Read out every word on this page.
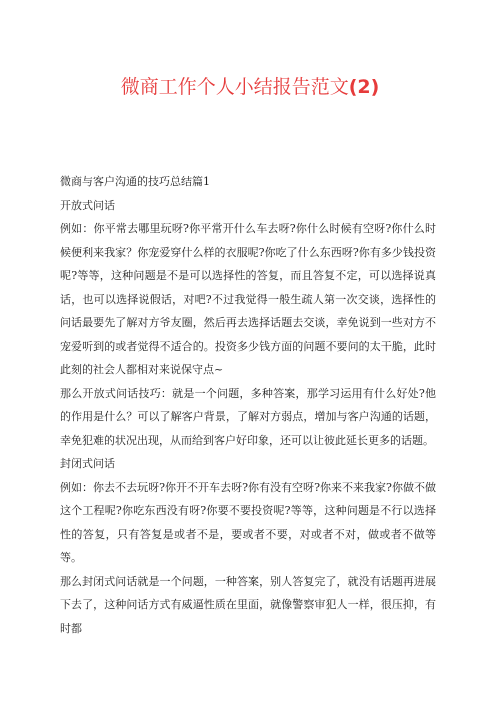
微商工作个人小结报告范文(2)

微商与客户沟通的技巧总结篇1

开放式问话

例如：你平常去哪里玩呀?你平常开什么车去呀?你什么时候有空呀?你什么时候便利来我家？你宠爱穿什么样的衣服呢?你吃了什么东西呀?你有多少钱投资呢?等等，这种问题是不是可以选择性的答复，而且答复不定，可以选择说真话，也可以选择说假话，对吧?不过我觉得一般生疏人第一次交谈，选择性的问话最要先了解对方爷友圈，然后再去选择话题去交谈，幸免说到一些对方不宠爱听到的或者觉得不适合的。投资多少钱方面的问题不要问的太干脆，此时此刻的社会人都相对来说保守点~

那么开放式问话技巧：就是一个问题，多种答案，那学习运用有什么好处?他的作用是什么？可以了解客户背景，了解对方弱点，增加与客户沟通的话题，幸免犯难的状况出现，从而给到客户好印象，还可以让彼此延长更多的话题。

封闭式问话

例如：你去不去玩呀?你开不开车去呀?你有没有空呀?你来不来我家?你做不做这个工程呢?你吃东西没有呀?你要不要投资呢?等等，这种问题是不行以选择性的答复，只有答复是或者不是，要或者不要，对或者不对，做或者不做等等。

那么封闭式问话就是一个问题，一种答案，别人答复完了，就没有话题再进展下去了，这种问话方式有威逼性质在里面，就像警察审犯人一样，很压抑，有时都
